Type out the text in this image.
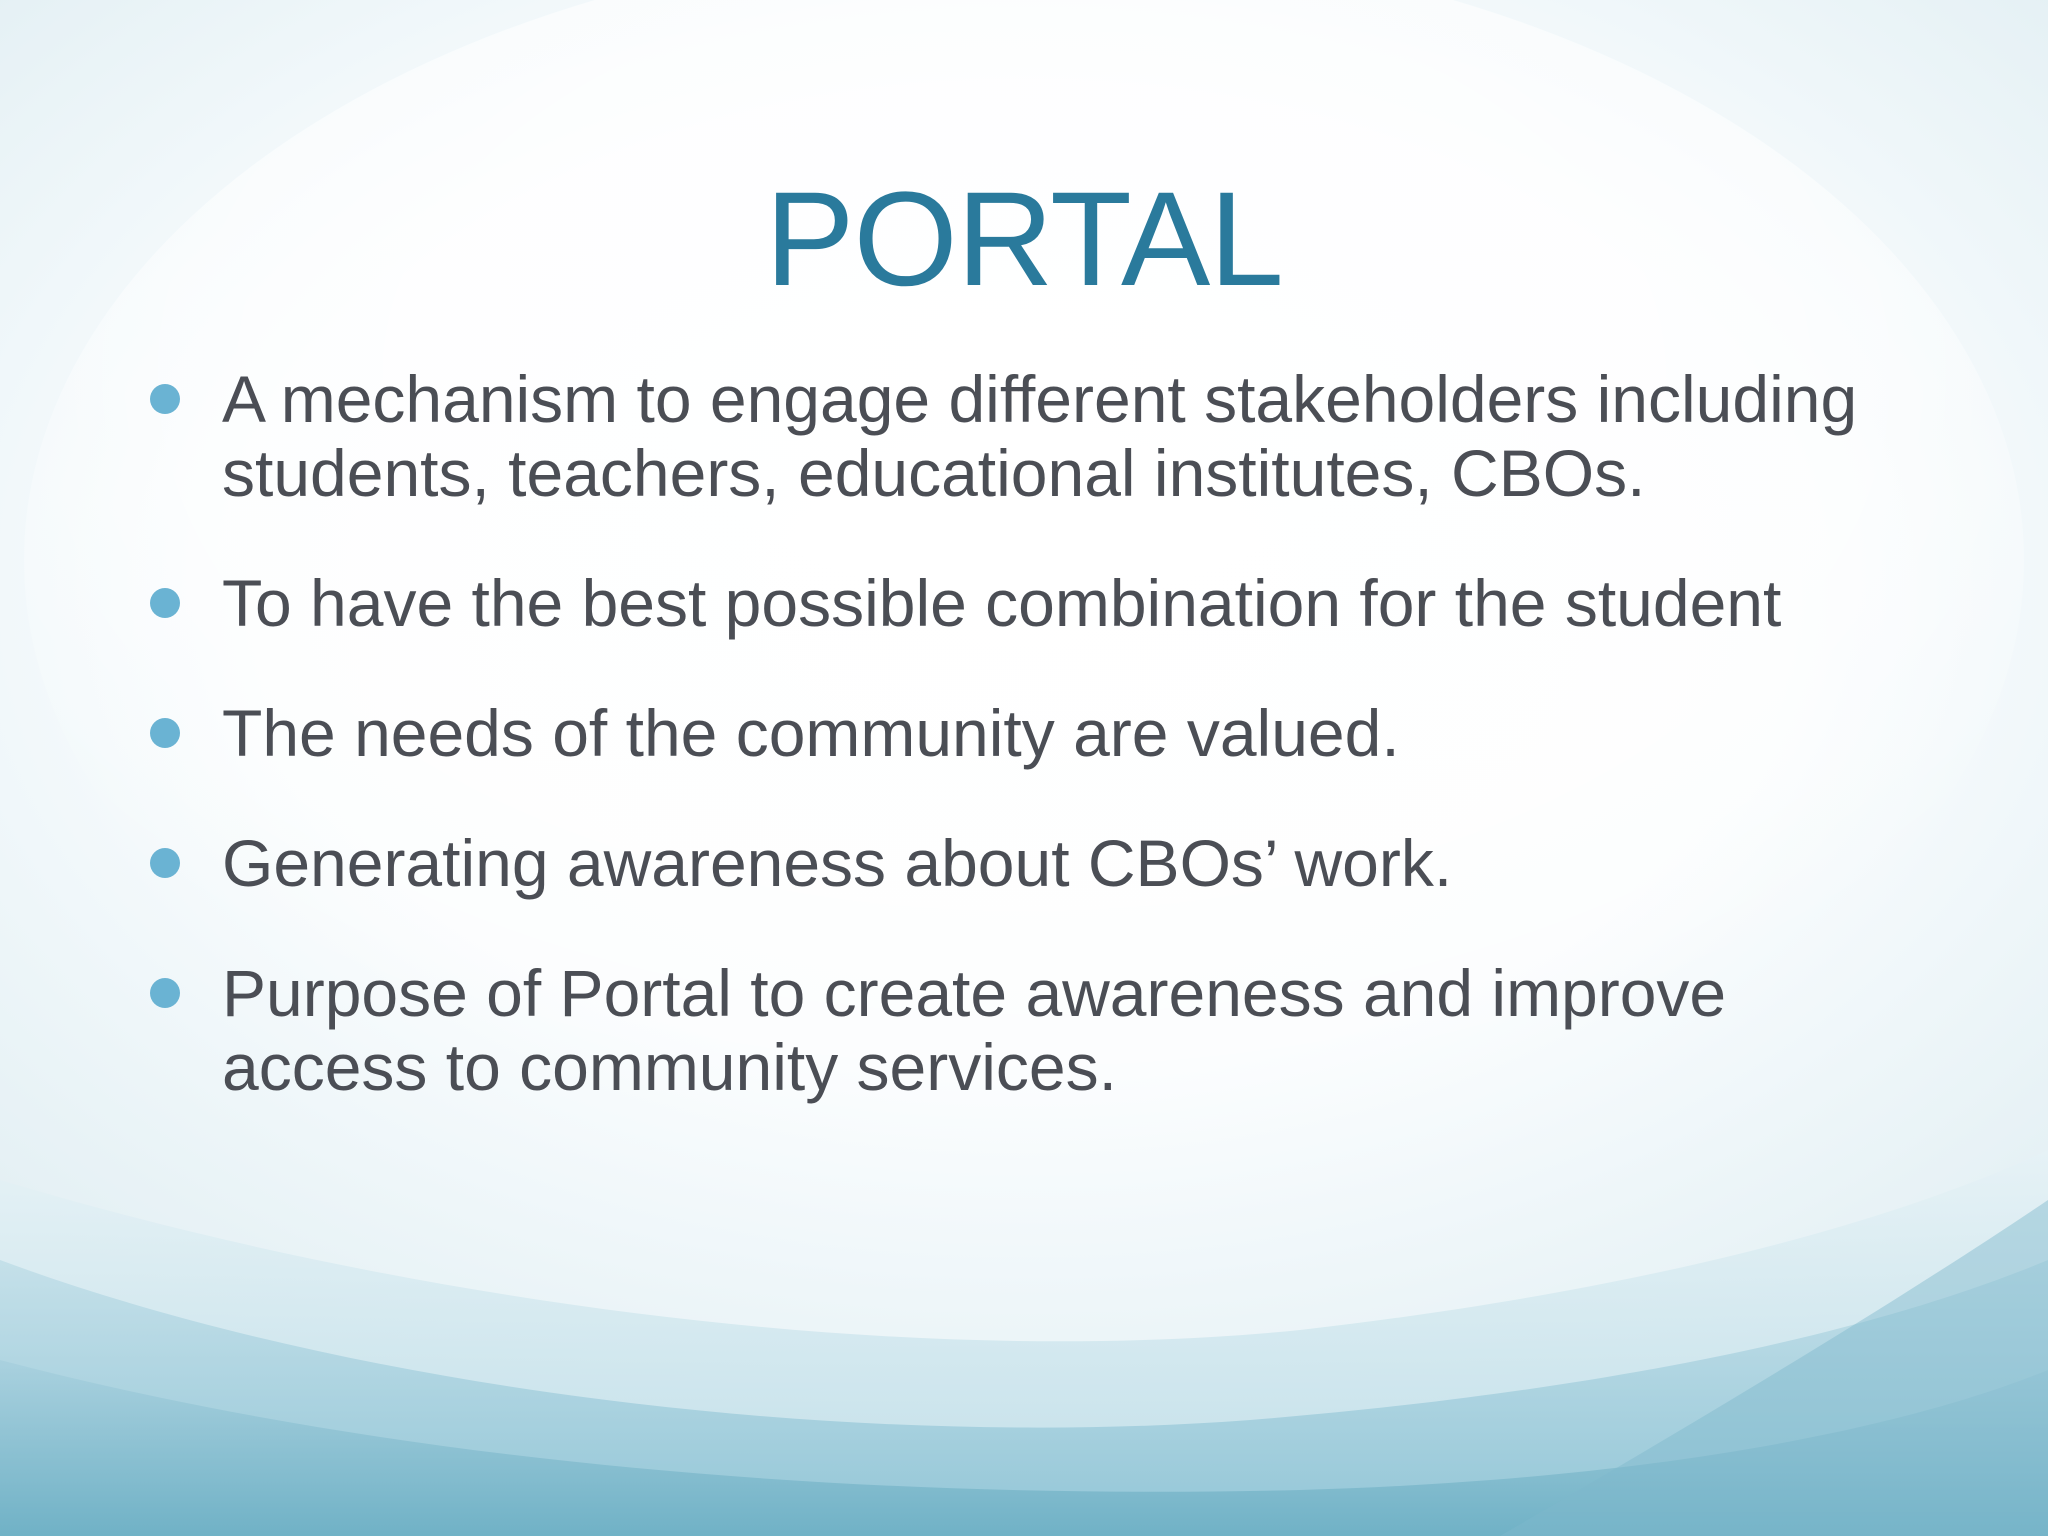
PORTAL
A mechanism to engage different stakeholders including students, teachers, educational institutes, CBOs.
To have the best possible combination for the student
The needs of the community are valued.
Generating awareness about CBOs’ work.
Purpose of Portal to create awareness and improve access to community services.
